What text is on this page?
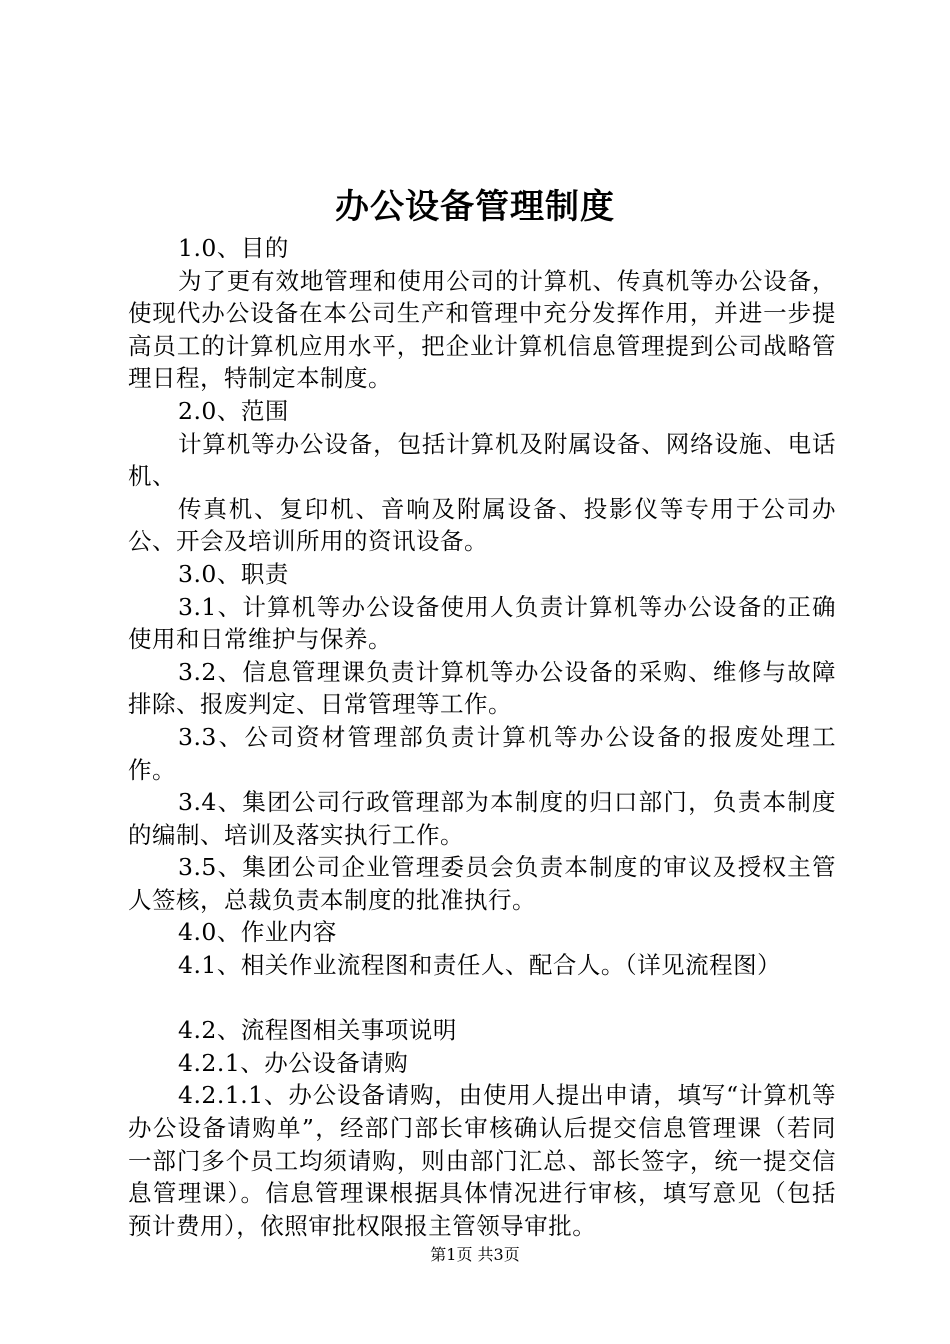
办公设备管理制度

1.0、目的

为了更有效地管理和使用公司的计算机、传真机等办公设备，使现代办公设备在本公司生产和管理中充分发挥作用，并进一步提高员工的计算机应用水平，把企业计算机信息管理提到公司战略管理日程，特制定本制度。

2.0、范围

计算机等办公设备，包括计算机及附属设备、网络设施、电话机、

传真机、复印机、音响及附属设备、投影仪等专用于公司办公、开会及培训所用的资讯设备。

3.0、职责

3.1、计算机等办公设备使用人负责计算机等办公设备的正确使用和日常维护与保养。

3.2、信息管理课负责计算机等办公设备的采购、维修与故障排除、报废判定、日常管理等工作。

3.3、公司资材管理部负责计算机等办公设备的报废处理工作。

3.4、集团公司行政管理部为本制度的归口部门，负责本制度的编制、培训及落实执行工作。

3.5、集团公司企业管理委员会负责本制度的审议及授权主管人签核，总裁负责本制度的批准执行。

4.0、作业内容

4.1、相关作业流程图和责任人、配合人。（详见流程图）

4.2、流程图相关事项说明

4.2.1、办公设备请购

4.2.1.1、办公设备请购，由使用人提出申请，填写“计算机等办公设备请购单”，经部门部长审核确认后提交信息管理课（若同一部门多个员工均须请购，则由部门汇总、部长签字，统一提交信息管理课）。信息管理课根据具体情况进行审核，填写意见（包括预计费用），依照审批权限报主管领导审批。

第1页 共3页
